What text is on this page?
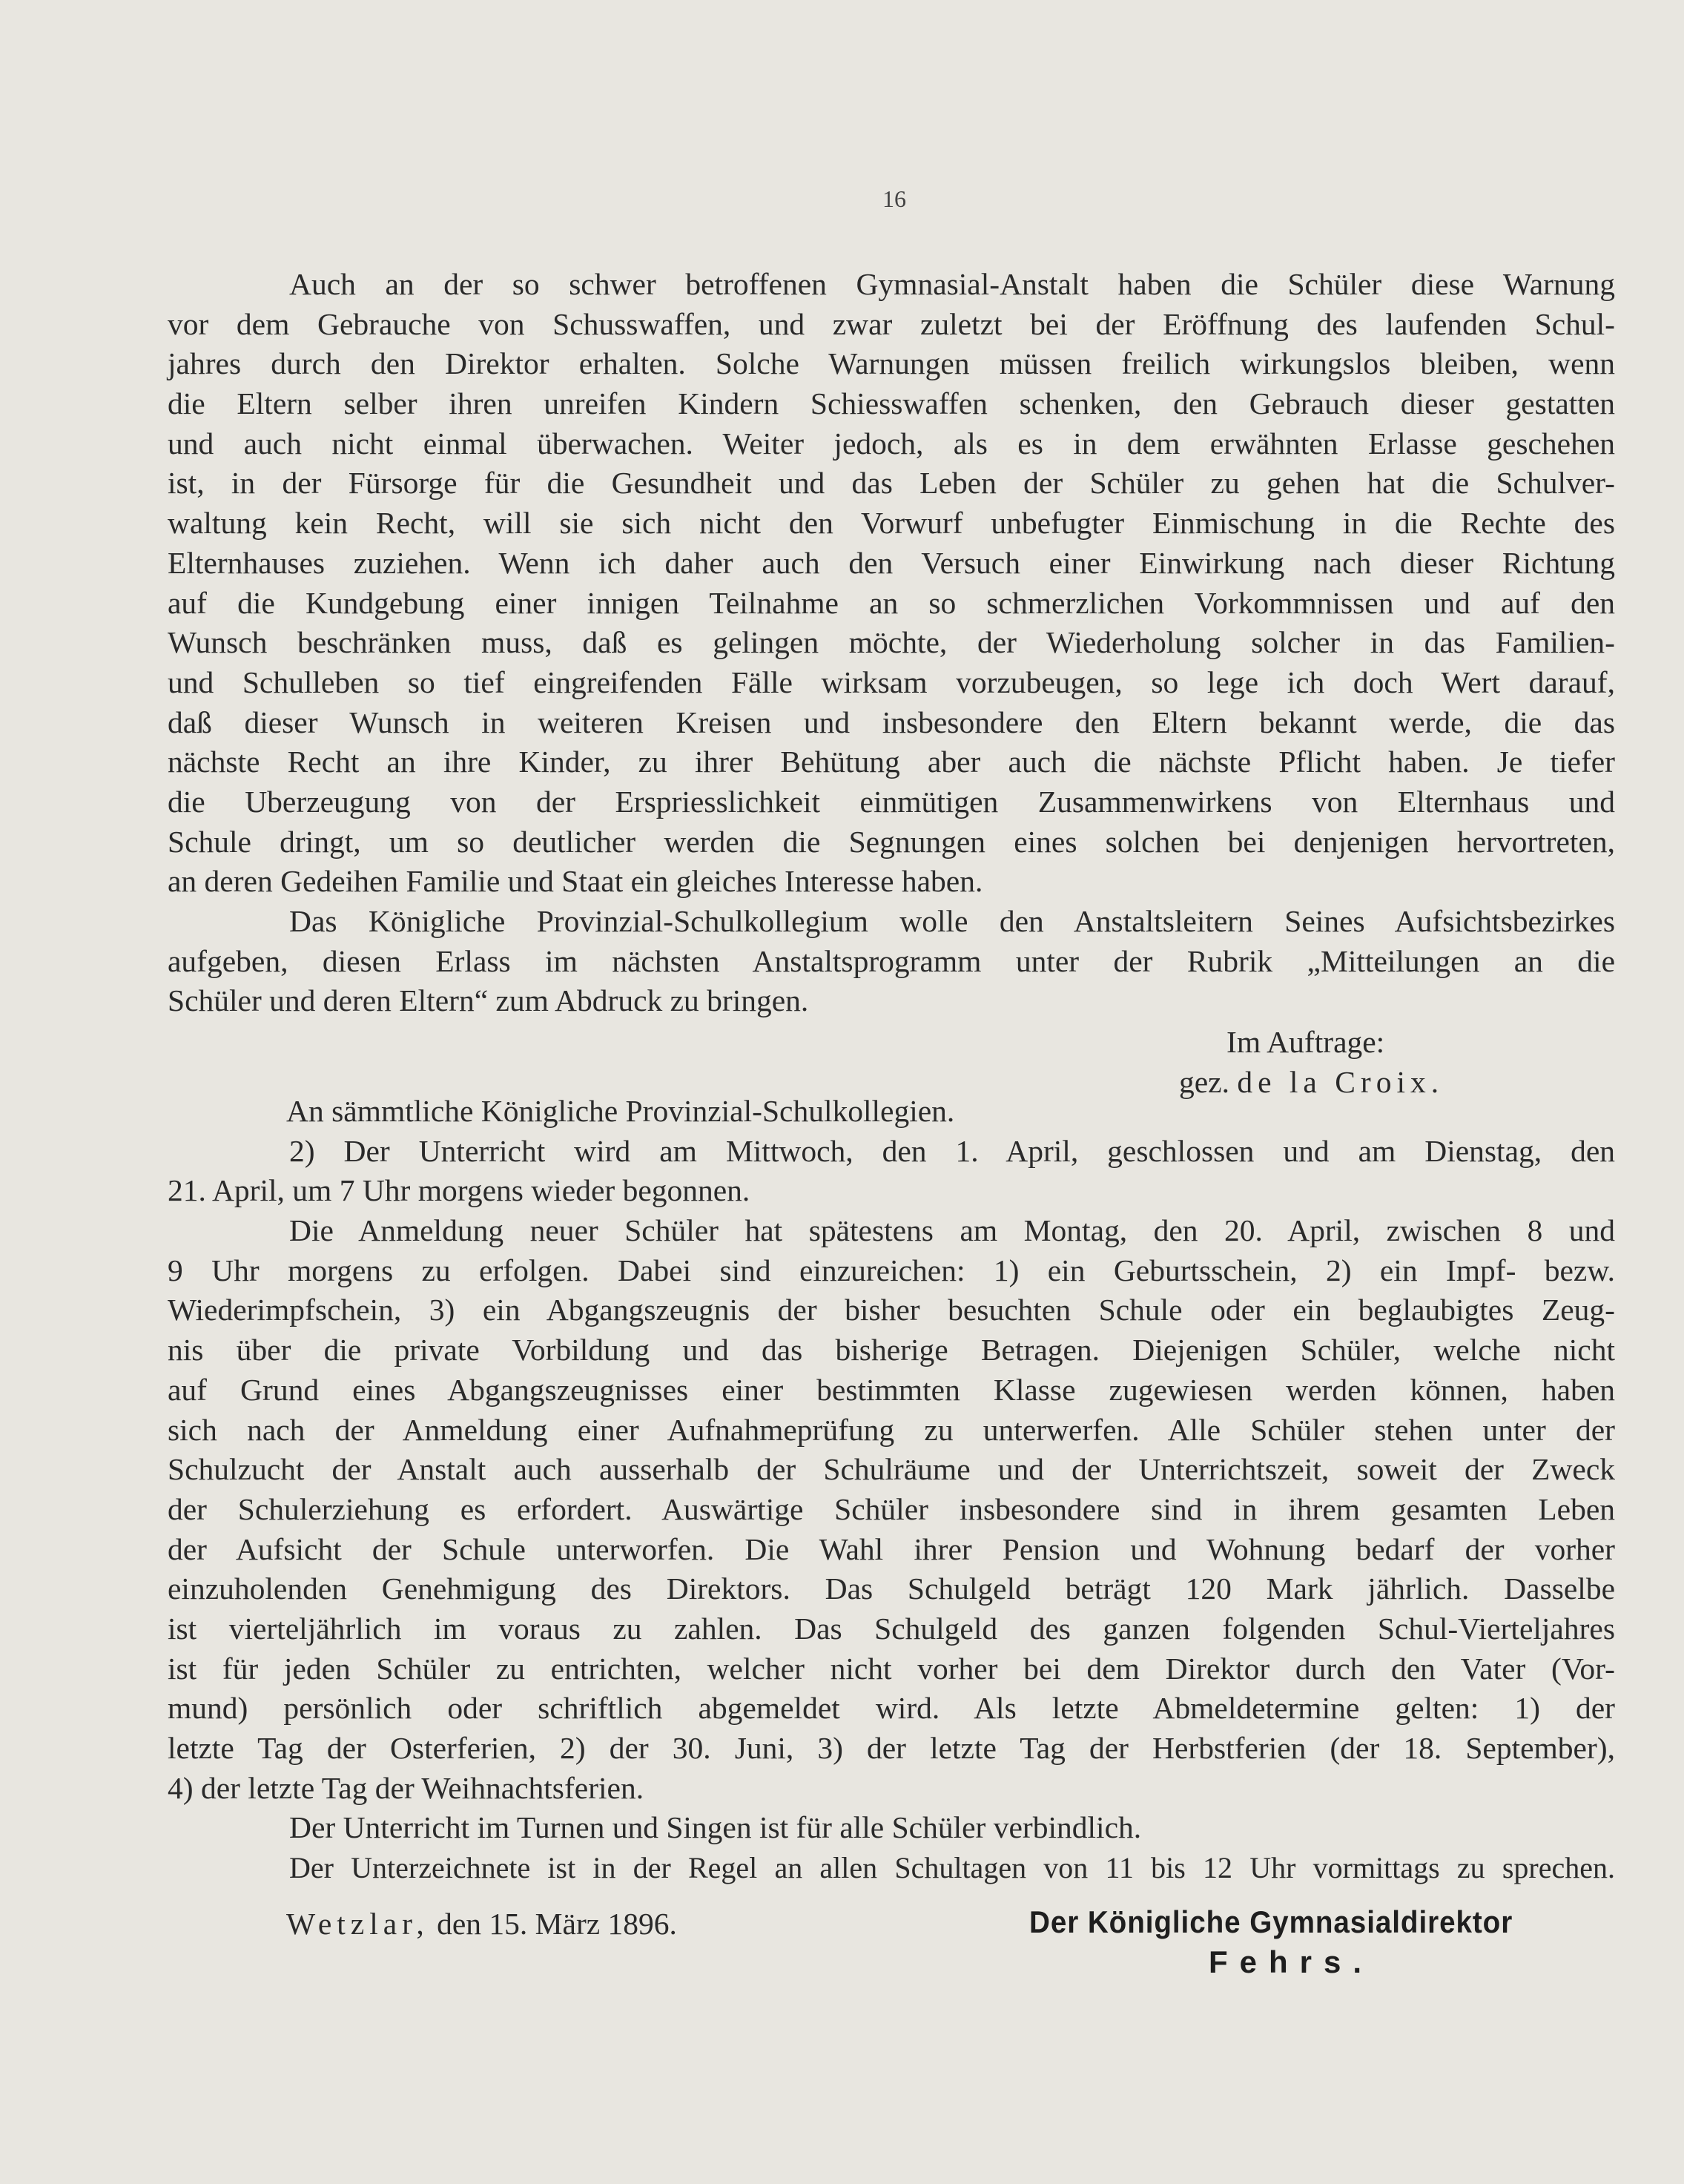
16
Auch an der so schwer betroffenen Gymnasial-Anstalt haben die Schüler diese Warnung
vor dem Gebrauche von Schusswaffen, und zwar zuletzt bei der Eröffnung des laufenden Schul-
jahres durch den Direktor erhalten. Solche Warnungen müssen freilich wirkungslos bleiben, wenn
die Eltern selber ihren unreifen Kindern Schiesswaffen schenken, den Gebrauch dieser gestatten
und auch nicht einmal überwachen. Weiter jedoch, als es in dem erwähnten Erlasse geschehen
ist, in der Fürsorge für die Gesundheit und das Leben der Schüler zu gehen hat die Schulver-
waltung kein Recht, will sie sich nicht den Vorwurf unbefugter Einmischung in die Rechte des
Elternhauses zuziehen. Wenn ich daher auch den Versuch einer Einwirkung nach dieser Richtung
auf die Kundgebung einer innigen Teilnahme an so schmerzlichen Vorkommnissen und auf den
Wunsch beschränken muss, daß es gelingen möchte, der Wiederholung solcher in das Familien-
und Schulleben so tief eingreifenden Fälle wirksam vorzubeugen, so lege ich doch Wert darauf,
daß dieser Wunsch in weiteren Kreisen und insbesondere den Eltern bekannt werde, die das
nächste Recht an ihre Kinder, zu ihrer Behütung aber auch die nächste Pflicht haben. Je tiefer
die Uberzeugung von der Erspriesslichkeit einmütigen Zusammenwirkens von Elternhaus und
Schule dringt, um so deutlicher werden die Segnungen eines solchen bei denjenigen hervortreten,
an deren Gedeihen Familie und Staat ein gleiches Interesse haben.
Das Königliche Provinzial-Schulkollegium wolle den Anstaltsleitern Seines Aufsichtsbezirkes
aufgeben, diesen Erlass im nächsten Anstaltsprogramm unter der Rubrik „Mitteilungen an die
Schüler und deren Eltern“ zum Abdruck zu bringen.
Im Auftrage:
gez. de la Croix.
An sämmtliche Königliche Provinzial-Schulkollegien.
2) Der Unterricht wird am Mittwoch, den 1. April, geschlossen und am Dienstag, den
21. April, um 7 Uhr morgens wieder begonnen.
Die Anmeldung neuer Schüler hat spätestens am Montag, den 20. April, zwischen 8 und
9 Uhr morgens zu erfolgen. Dabei sind einzureichen: 1) ein Geburtsschein, 2) ein Impf- bezw.
Wiederimpfschein, 3) ein Abgangszeugnis der bisher besuchten Schule oder ein beglaubigtes Zeug-
nis über die private Vorbildung und das bisherige Betragen. Diejenigen Schüler, welche nicht
auf Grund eines Abgangszeugnisses einer bestimmten Klasse zugewiesen werden können, haben
sich nach der Anmeldung einer Aufnahmeprüfung zu unterwerfen. Alle Schüler stehen unter der
Schulzucht der Anstalt auch ausserhalb der Schulräume und der Unterrichtszeit, soweit der Zweck
der Schulerziehung es erfordert. Auswärtige Schüler insbesondere sind in ihrem gesamten Leben
der Aufsicht der Schule unterworfen. Die Wahl ihrer Pension und Wohnung bedarf der vorher
einzuholenden Genehmigung des Direktors. Das Schulgeld beträgt 120 Mark jährlich. Dasselbe
ist vierteljährlich im voraus zu zahlen. Das Schulgeld des ganzen folgenden Schul-Vierteljahres
ist für jeden Schüler zu entrichten, welcher nicht vorher bei dem Direktor durch den Vater (Vor-
mund) persönlich oder schriftlich abgemeldet wird. Als letzte Abmeldetermine gelten: 1) der
letzte Tag der Osterferien, 2) der 30. Juni, 3) der letzte Tag der Herbstferien (der 18. September),
4) der letzte Tag der Weihnachtsferien.
Der Unterricht im Turnen und Singen ist für alle Schüler verbindlich.
Der Unterzeichnete ist in der Regel an allen Schultagen von 11 bis 12 Uhr vormittags zu sprechen.
Wetzlar, den 15. März 1896.	Der Königliche Gymnasialdirektor
Fehrs.
